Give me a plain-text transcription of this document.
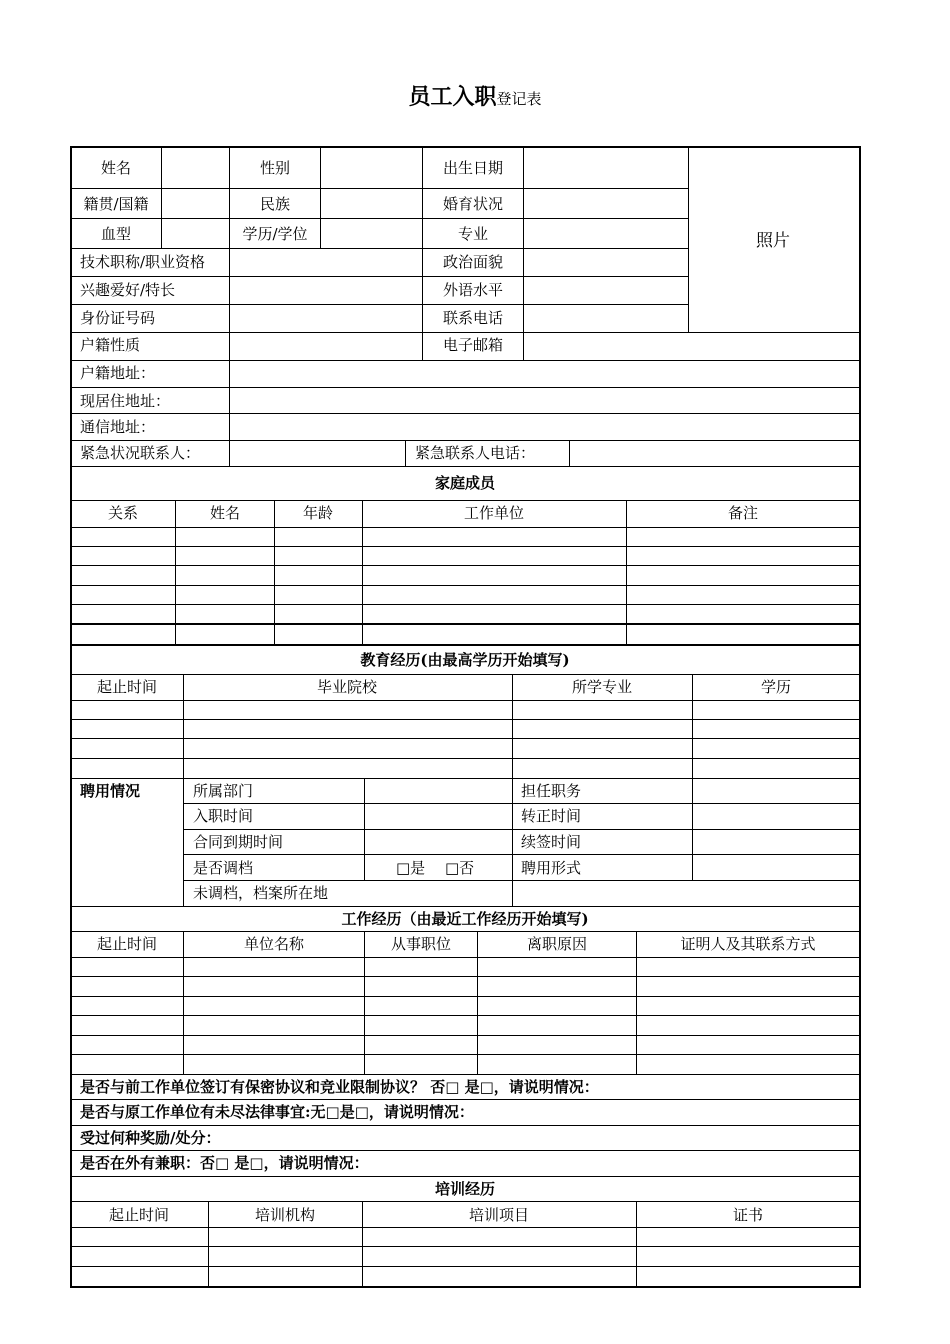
员工入职登记表
姓名	性别	出生日期
照片
籍贯/国籍	民族	婚育状况
血型	学历/学位	专业
技术职称/职业资格	政治面貌
兴趣爱好/特长	外语水平
身份证号码	联系电话
户籍性质	电子邮箱
户籍地址：
现居住地址：
通信地址：
紧急状况联系人：	紧急联系人电话：
家庭成员
关系	姓名	年龄	工作单位	备注
教育经历(由最高学历开始填写)
起止时间	毕业院校	所学专业	学历
聘用情况	所属部门	担任职务
入职时间	转正时间
合同到期时间	续签时间
是否调档	□是 □否	聘用形式
未调档，档案所在地
工作经历（由最近工作经历开始填写)
起止时间	单位名称	从事职位	离职原因	证明人及其联系方式
是否与前工作单位签订有保密协议和竞业限制协议？ 否□ 是□，请说明情况：
是否与原工作单位有未尽法律事宜:无□是□，请说明情况：
受过何种奖励/处分：
是否在外有兼职：否□ 是□，请说明情况：
培训经历
起止时间	培训机构	培训项目	证书
